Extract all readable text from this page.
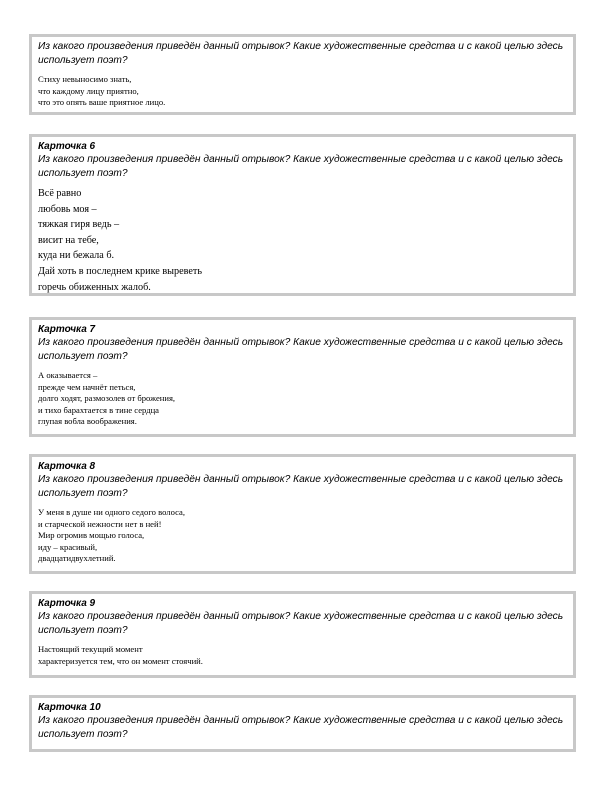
Из какого произведения приведён данный отрывок? Какие художественные средства и с какой целью здесь использует поэт?

Стиху невыносимо знать,
что каждому лицу приятно,
что это опять ваше приятное лицо.

Карточка 6

Из какого произведения приведён данный отрывок? Какие художественные средства и с какой целью здесь использует поэт?

Всё равно
любовь моя –
тяжкая гиря ведь –
висит на тебе,
куда ни бежала б.
Дай хоть в последнем крике выреветь
горечь обиженных жалоб.

Карточка 7

Из какого произведения приведён данный отрывок? Какие художественные средства и с какой целью здесь использует поэт?

А оказывается –
прежде чем начнёт петься,
долго ходят, размозолев от брожения,
и тихо барахтается в тине сердца
глупая вобла воображения.

Карточка 8

Из какого произведения приведён данный отрывок? Какие художественные средства и с какой целью здесь использует поэт?

У меня в душе ни одного седого волоса,
и старческой нежности нет в ней!
Мир огромив мощью голоса,
иду – красивый,
двадцатидвухлетний.

Карточка 9

Из какого произведения приведён данный отрывок? Какие художественные средства и с какой целью здесь использует поэт?

Настоящий текущий момент
характеризуется тем, что он момент стоячий.

Карточка 10

Из какого произведения приведён данный отрывок? Какие художественные средства и с какой целью здесь использует поэт?
